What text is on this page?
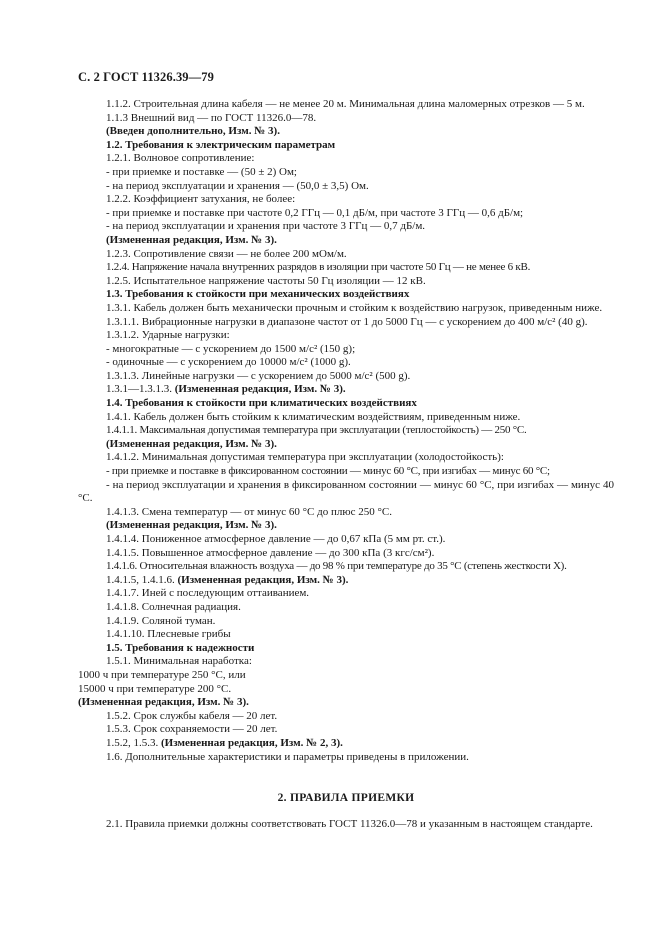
С. 2 ГОСТ 11326.39—79

1.1.2. Строительная длина кабеля — не менее 20 м. Минимальная длина маломерных отрезков — 5 м.

1.1.3 Внешний вид — по ГОСТ 11326.0—78.

(Введен дополнительно, Изм. № 3).

1.2. Требования к электрическим параметрам

1.2.1. Волновое сопротивление:

- при приемке и поставке — (50 ± 2) Ом;

- на период эксплуатации и хранения — (50,0 ± 3,5) Ом.

1.2.2. Коэффициент затухания, не более:

- при приемке и поставке при частоте 0,2 ГГц — 0,1 дБ/м, при частоте 3 ГГц — 0,6 дБ/м;

- на период эксплуатации и хранения при частоте 3 ГГц — 0,7 дБ/м.

(Измененная редакция, Изм. № 3).

1.2.3. Сопротивление связи — не более 200 мОм/м.

1.2.4. Напряжение начала внутренних разрядов в изоляции при частоте 50 Гц — не менее 6 кВ.

1.2.5. Испытательное напряжение частоты 50 Гц изоляции — 12 кВ.

1.3. Требования к стойкости при механических воздействиях

1.3.1. Кабель должен быть механически прочным и стойким к воздействию нагрузок, приведенным ниже.

1.3.1.1. Вибрационные нагрузки в диапазоне частот от 1 до 5000 Гц — с ускорением до 400 м/с² (40 g).

1.3.1.2. Ударные нагрузки:

- многократные — с ускорением до 1500 м/с² (150 g);

- одиночные — с ускорением до 10000 м/с² (1000 g).

1.3.1.3. Линейные нагрузки — с ускорением до 5000 м/с² (500 g).

1.3.1—1.3.1.3. (Измененная редакция, Изм. № 3).

1.4. Требования к стойкости при климатических воздействиях

1.4.1. Кабель должен быть стойким к климатическим воздействиям, приведенным ниже.

1.4.1.1. Максимальная допустимая температура при эксплуатации (теплостойкость) — 250 °С.

(Измененная редакция, Изм. № 3).

1.4.1.2. Минимальная допустимая температура при эксплуатации (холодостойкость):

- при приемке и поставке в фиксированном состоянии — минус 60 °С, при изгибах — минус 60 °С;

- на период эксплуатации и хранения в фиксированном состоянии — минус 60 °С, при изгибах — минус 40 °С.

1.4.1.3. Смена температур — от минус 60 °С до плюс 250 °С.

(Измененная редакция, Изм. № 3).

1.4.1.4. Пониженное атмосферное давление — до 0,67 кПа (5 мм рт. ст.).

1.4.1.5. Повышенное атмосферное давление — до 300 кПа (3 кгс/см²).

1.4.1.6. Относительная влажность воздуха — до 98 % при температуре до 35 °С (степень жесткости X).

1.4.1.5, 1.4.1.6. (Измененная редакция, Изм. № 3).

1.4.1.7. Иней с последующим оттаиванием.

1.4.1.8. Солнечная радиация.

1.4.1.9. Соляной туман.

1.4.1.10. Плесневые грибы

1.5. Требования к надежности

1.5.1. Минимальная наработка:

1000 ч при температуре 250 °С, или

15000 ч при температуре 200 °С.

(Измененная редакция, Изм. № 3).

1.5.2. Срок службы кабеля — 20 лет.

1.5.3. Срок сохраняемости — 20 лет.

1.5.2, 1.5.3. (Измененная редакция, Изм. № 2, 3).

1.6. Дополнительные характеристики и параметры приведены в приложении.

2. ПРАВИЛА ПРИЕМКИ

2.1. Правила приемки должны соответствовать ГОСТ 11326.0—78 и указанным в настоящем стандарте.
